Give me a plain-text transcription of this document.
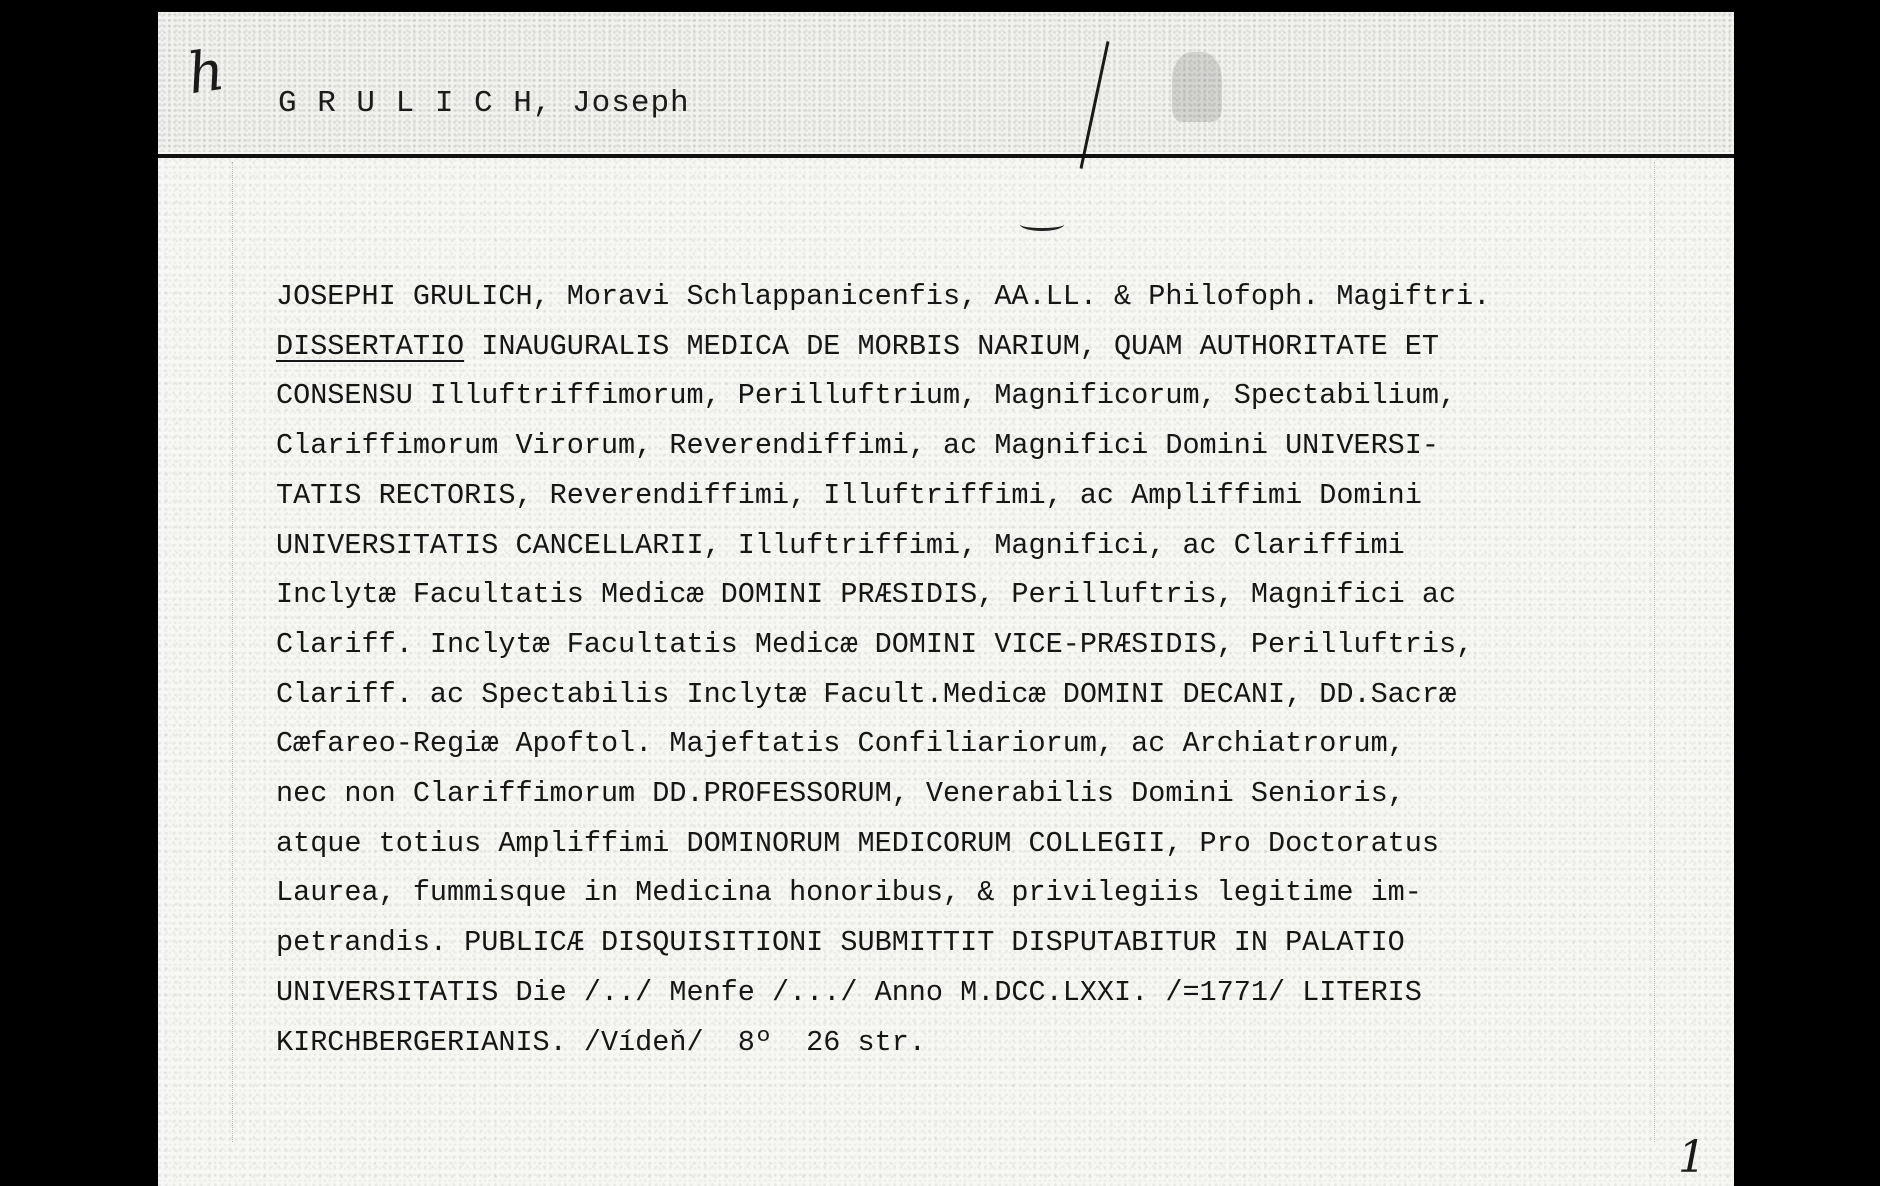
h G R U L I C H, Joseph

JOSEPHI GRULICH, Moravi Schlappanicenfis, AA.LL. & Philofoph. Magiftri.
DISSERTATIO INAUGURALIS MEDICA DE MORBIS NARIUM, QUAM AUTHORITATE ET
CONSENSU Illuftriffimorum, Perilluftrium, Magnificorum, Spectabilium,
Clariffimorum Virorum, Reverendiffimi, ac Magnifici Domini UNIVERSI-
TATIS RECTORIS, Reverendiffimi, Illuftriffimi, ac Ampliffimi Domini
UNIVERSITATIS CANCELLARII, Illuftriffimi, Magnifici, ac Clariffimi
Inclytæ Facultatis Medicæ DOMINI PRÆSIDIS, Perilluftris, Magnifici ac
Clariff. Inclytæ Facultatis Medicæ DOMINI VICE-PRÆSIDIS, Perilluftris,
Clariff. ac Spectabilis Inclytæ Facult.Medicæ DOMINI DECANI, DD.Sacræ
Cæfareo-Regiæ Apoftol. Majeftatis Confiliariorum, ac Archiatrorum,
nec non Clariffimorum DD.PROFESSORUM, Venerabilis Domini Senioris,
atque totius Ampliffimi DOMINORUM MEDICORUM COLLEGII, Pro Doctoratus
Laurea, fummisque in Medicina honoribus, & privilegiis legitime im-
petrandis. PUBLICÆ DISQUISITIONI SUBMITTIT DISPUTABITUR IN PALATIO
UNIVERSITATIS Die /../ Menfe /.../ Anno M.DCC.LXXI. /=1771/ LITERIS
KIRCHBERGERIANIS. /Vídeň/  8º  26 str.

1
